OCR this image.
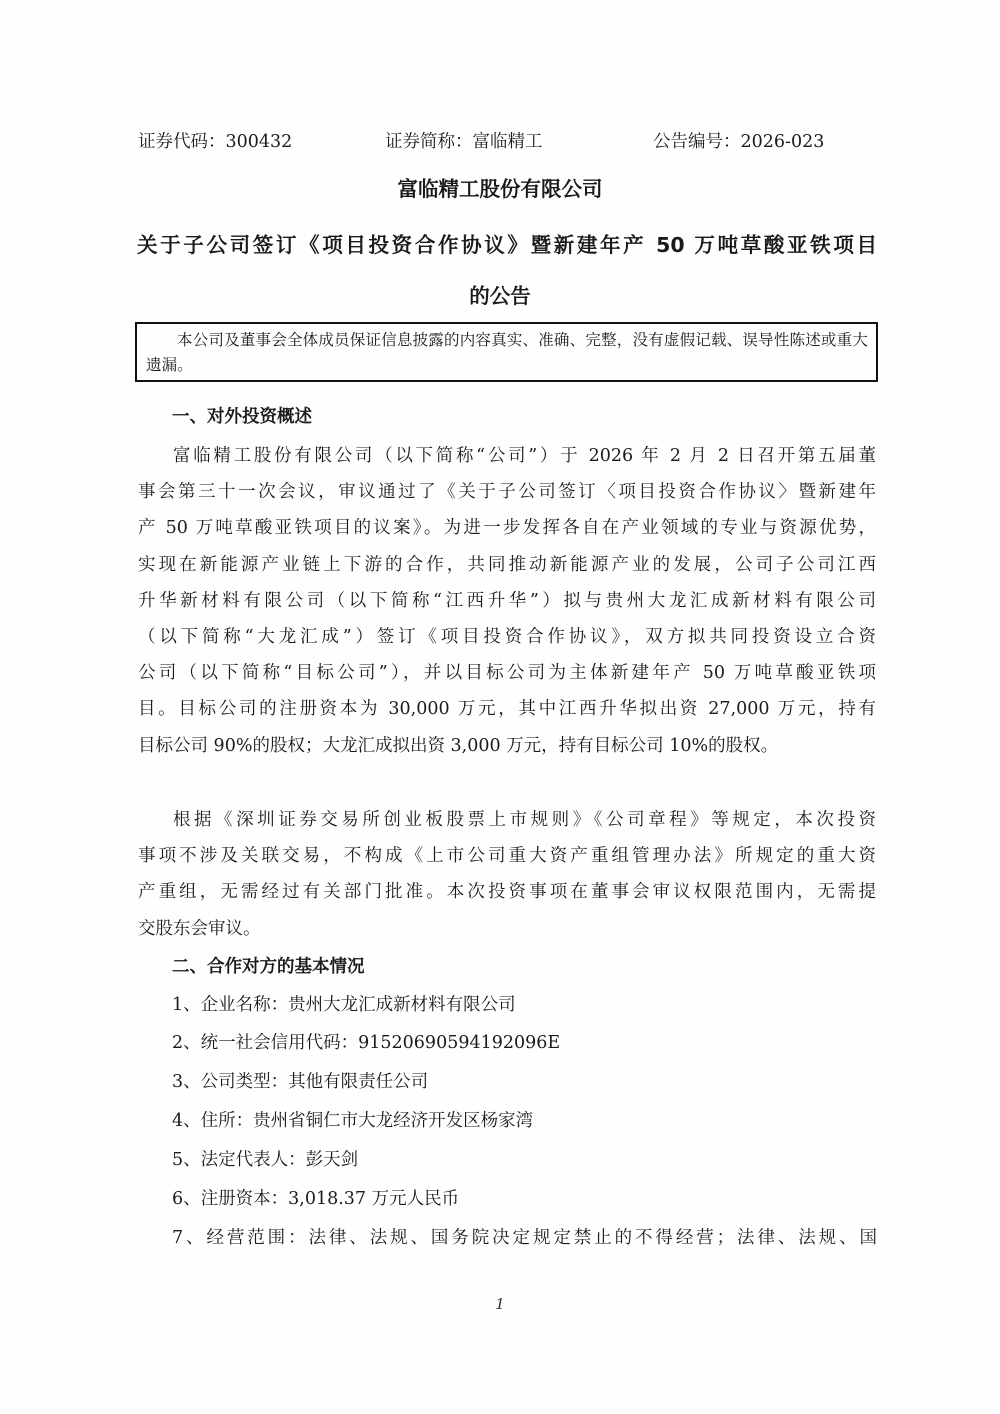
证券代码：300432	证券简称：富临精工	公告编号：2026-023
富临精工股份有限公司
关于子公司签订《项目投资合作协议》暨新建年产 50 万吨草酸亚铁项目
的公告
本公司及董事会全体成员保证信息披露的内容真实、准确、完整，没有虚假记载、误导性陈述或重大遗漏。
一、对外投资概述
富临精工股份有限公司（以下简称“公司”）于 2026 年 2 月 2 日召开第五届董
事会第三十一次会议，审议通过了《关于子公司签订〈项目投资合作协议〉暨新建年
产 50 万吨草酸亚铁项目的议案》。为进一步发挥各自在产业领域的专业与资源优势，
实现在新能源产业链上下游的合作，共同推动新能源产业的发展，公司子公司江西
升华新材料有限公司（以下简称“江西升华”）拟与贵州大龙汇成新材料有限公司
（以下简称“大龙汇成”）签订《项目投资合作协议》，双方拟共同投资设立合资
公司（以下简称“目标公司”），并以目标公司为主体新建年产 50 万吨草酸亚铁项
目。目标公司的注册资本为 30,000 万元，其中江西升华拟出资 27,000 万元，持有
目标公司 90%的股权；大龙汇成拟出资 3,000 万元，持有目标公司 10%的股权。
根据《深圳证券交易所创业板股票上市规则》《公司章程》等规定，本次投资
事项不涉及关联交易，不构成《上市公司重大资产重组管理办法》所规定的重大资
产重组，无需经过有关部门批准。本次投资事项在董事会审议权限范围内，无需提
交股东会审议。
二、合作对方的基本情况
1、企业名称：贵州大龙汇成新材料有限公司
2、统一社会信用代码：91520690594192096E
3、公司类型：其他有限责任公司
4、住所：贵州省铜仁市大龙经济开发区杨家湾
5、法定代表人：彭天剑
6、注册资本：3,018.37 万元人民币
7、经营范围：法律、法规、国务院决定规定禁止的不得经营；法律、法规、国
1
